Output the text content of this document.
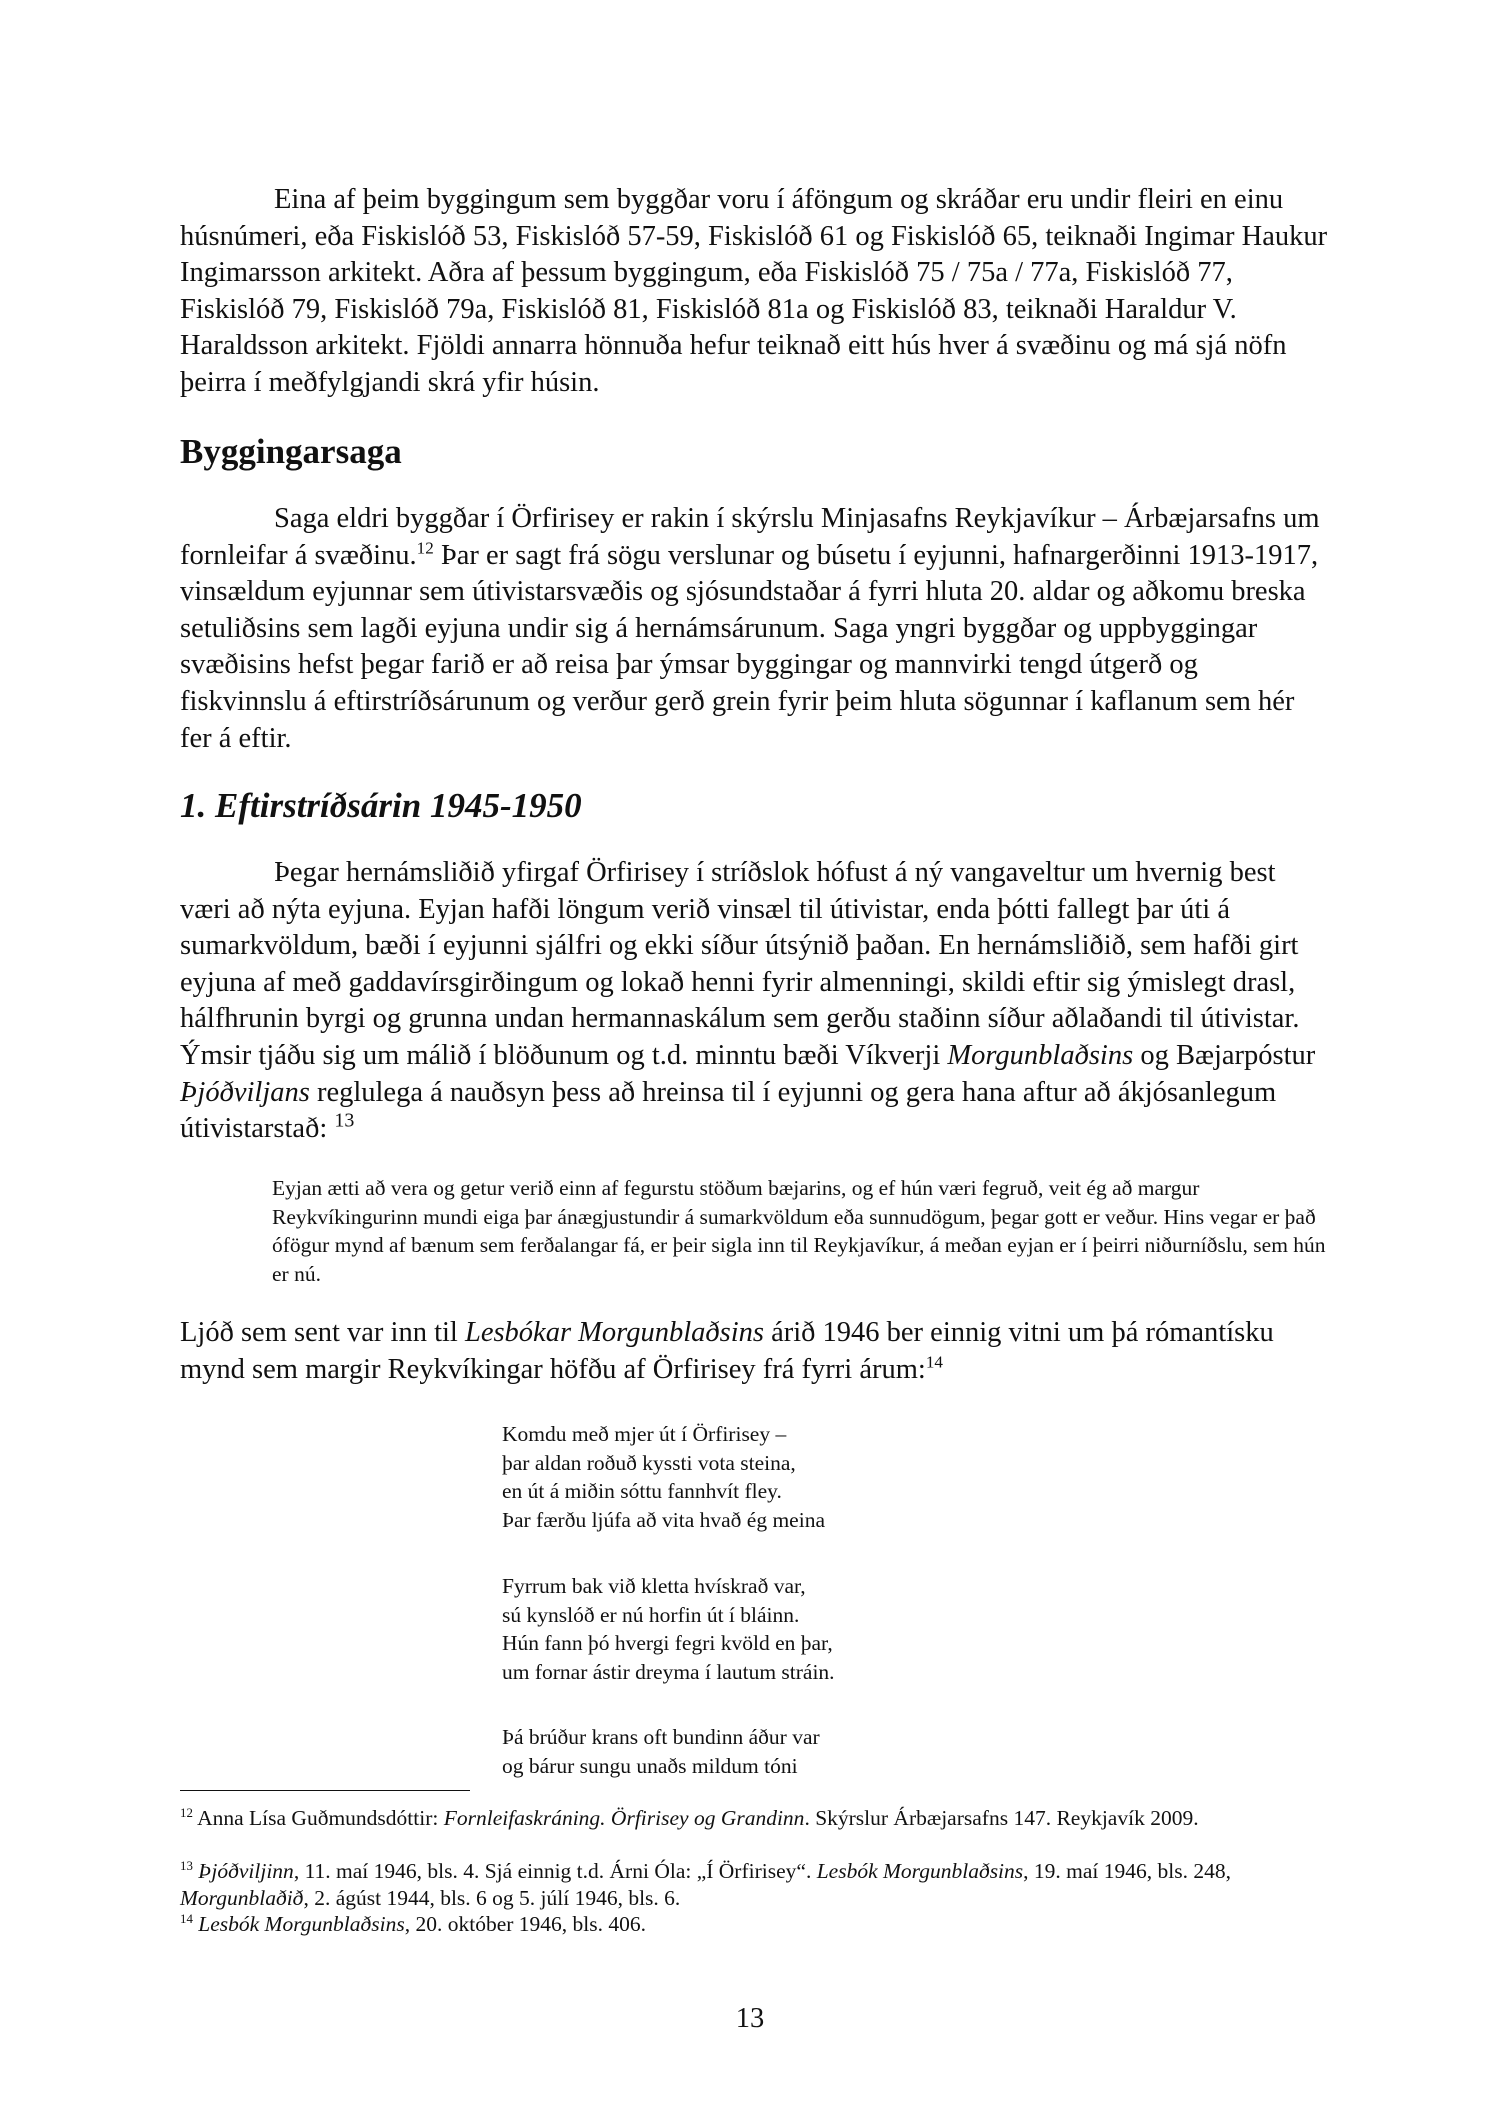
Eina af þeim byggingum sem byggðar voru í áföngum og skráðar eru undir fleiri en einu húsnúmeri, eða Fiskislóð 53, Fiskislóð 57-59, Fiskislóð 61 og Fiskislóð 65, teiknaði Ingimar Haukur Ingimarsson arkitekt. Aðra af þessum byggingum, eða Fiskislóð 75 / 75a / 77a, Fiskislóð 77, Fiskislóð 79, Fiskislóð 79a, Fiskislóð 81, Fiskislóð 81a og Fiskislóð 83, teiknaði Haraldur V. Haraldsson arkitekt. Fjöldi annarra hönnuða hefur teiknað eitt hús hver á svæðinu og má sjá nöfn þeirra í meðfylgjandi skrá yfir húsin.

Byggingarsaga

Saga eldri byggðar í Örfirisey er rakin í skýrslu Minjasafns Reykjavíkur – Árbæjarsafns um fornleifar á svæðinu.$^{12}$ Þar er sagt frá sögu verslunar og búsetu í eyjunni, hafnargerðinni 1913-1917, vinsældum eyjunnar sem útivistarsvæðis og sjósundstaðar á fyrri hluta 20. aldar og aðkomu breska setuliðsins sem lagði eyjuna undir sig á hernámsárunum. Saga yngri byggðar og uppbyggingar svæðisins hefst þegar farið er að reisa þar ýmsar byggingar og mannvirki tengd útgerð og fiskvinnslu á eftirstríðsárunum og verður gerð grein fyrir þeim hluta sögunnar í kaflanum sem hér fer á eftir.

1. Eftirstríðsárin 1945-1950

Þegar hernámsliðið yfirgaf Örfirisey í stríðslok hófust á ný vangaveltur um hvernig best væri að nýta eyjuna. Eyjan hafði löngum verið vinsæl til útivistar, enda þótti fallegt þar úti á sumarkvöldum, bæði í eyjunni sjálfri og ekki síður útsýnið þaðan. En hernámsliðið, sem hafði girt eyjuna af með gaddavírsgirðingum og lokað henni fyrir almenningi, skildi eftir sig ýmislegt drasl, hálfhrunin byrgi og grunna undan hermannaskálum sem gerðu staðinn síður aðlaðandi til útivistar. Ýmsir tjáðu sig um málið í blöðunum og t.d. minntu bæði Víkverji Morgunblaðsins og Bæjarpóstur Þjóðviljans reglulega á nauðsyn þess að hreinsa til í eyjunni og gera hana aftur að ákjósanlegum útivistarstað: $^{13}$

Eyjan ætti að vera og getur verið einn af fegurstu stöðum bæjarins, og ef hún væri fegruð, veit ég að margur Reykvíkingurinn mundi eiga þar ánægjustundir á sumarkvöldum eða sunnudögum, þegar gott er veður. Hins vegar er það ófögur mynd af bænum sem ferðalangar fá, er þeir sigla inn til Reykjavíkur, á meðan eyjan er í þeirri niðurníðslu, sem hún er nú.

Ljóð sem sent var inn til Lesbókar Morgunblaðsins árið 1946 ber einnig vitni um þá rómantísku mynd sem margir Reykvíkingar höfðu af Örfirisey frá fyrri árum:$^{14}$

Komdu með mjer út í Örfirisey –
þar aldan roðuð kyssti vota steina,
en út á miðin sóttu fannhvít fley.
Þar færðu ljúfa að vita hvað ég meina
Fyrrum bak við kletta hvískrað var,
sú kynslóð er nú horfin út í bláinn.
Hún fann þó hvergi fegri kvöld en þar,
um fornar ástir dreyma í lautum stráin.
Þá brúður krans oft bundinn áður var
og bárur sungu unaðs mildum tóni

$^{12}$ Anna Lísa Guðmundsdóttir: Fornleifaskráning. Örfirisey og Grandinn. Skýrslur Árbæjarsafns 147. Reykjavík 2009.

$^{13}$ Þjóðviljinn, 11. maí 1946, bls. 4. Sjá einnig t.d. Árni Óla: „Í Örfirisey“. Lesbók Morgunblaðsins, 19. maí 1946, bls. 248, Morgunblaðið, 2. ágúst 1944, bls. 6 og 5. júlí 1946, bls. 6.

$^{14}$ Lesbók Morgunblaðsins, 20. október 1946, bls. 406.

13
